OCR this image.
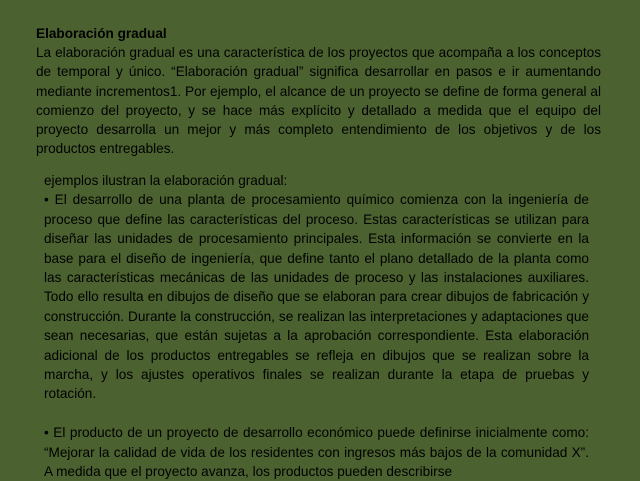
Elaboración gradual
La elaboración gradual es una característica de los proyectos que acompaña a los conceptos de temporal y único. “Elaboración gradual” significa desarrollar en pasos e ir aumentando mediante incrementos1. Por ejemplo, el alcance de un proyecto se define de forma general al comienzo del proyecto, y se hace más explícito y detallado a medida que el equipo del proyecto desarrolla un mejor y más completo entendimiento de los objetivos y de los productos entregables.

ejemplos ilustran la elaboración gradual:

• El desarrollo de una planta de procesamiento químico comienza con la ingeniería de proceso que define las características del proceso. Estas características se utilizan para diseñar las unidades de procesamiento principales. Esta información se convierte en la base para el diseño de ingeniería, que define tanto el plano detallado de la planta como las características mecánicas de las unidades de proceso y las instalaciones auxiliares. Todo ello resulta en dibujos de diseño que se elaboran para crear dibujos de fabricación y construcción. Durante la construcción, se realizan las interpretaciones y adaptaciones que sean necesarias, que están sujetas a la aprobación correspondiente. Esta elaboración adicional de los productos entregables se refleja en dibujos que se realizan sobre la marcha, y los ajustes operativos finales se realizan durante la etapa de pruebas y rotación.

• El producto de un proyecto de desarrollo económico puede definirse inicialmente como: “Mejorar la calidad de vida de los residentes con ingresos más bajos de la comunidad X”. A medida que el proyecto avanza, los productos pueden describirse
